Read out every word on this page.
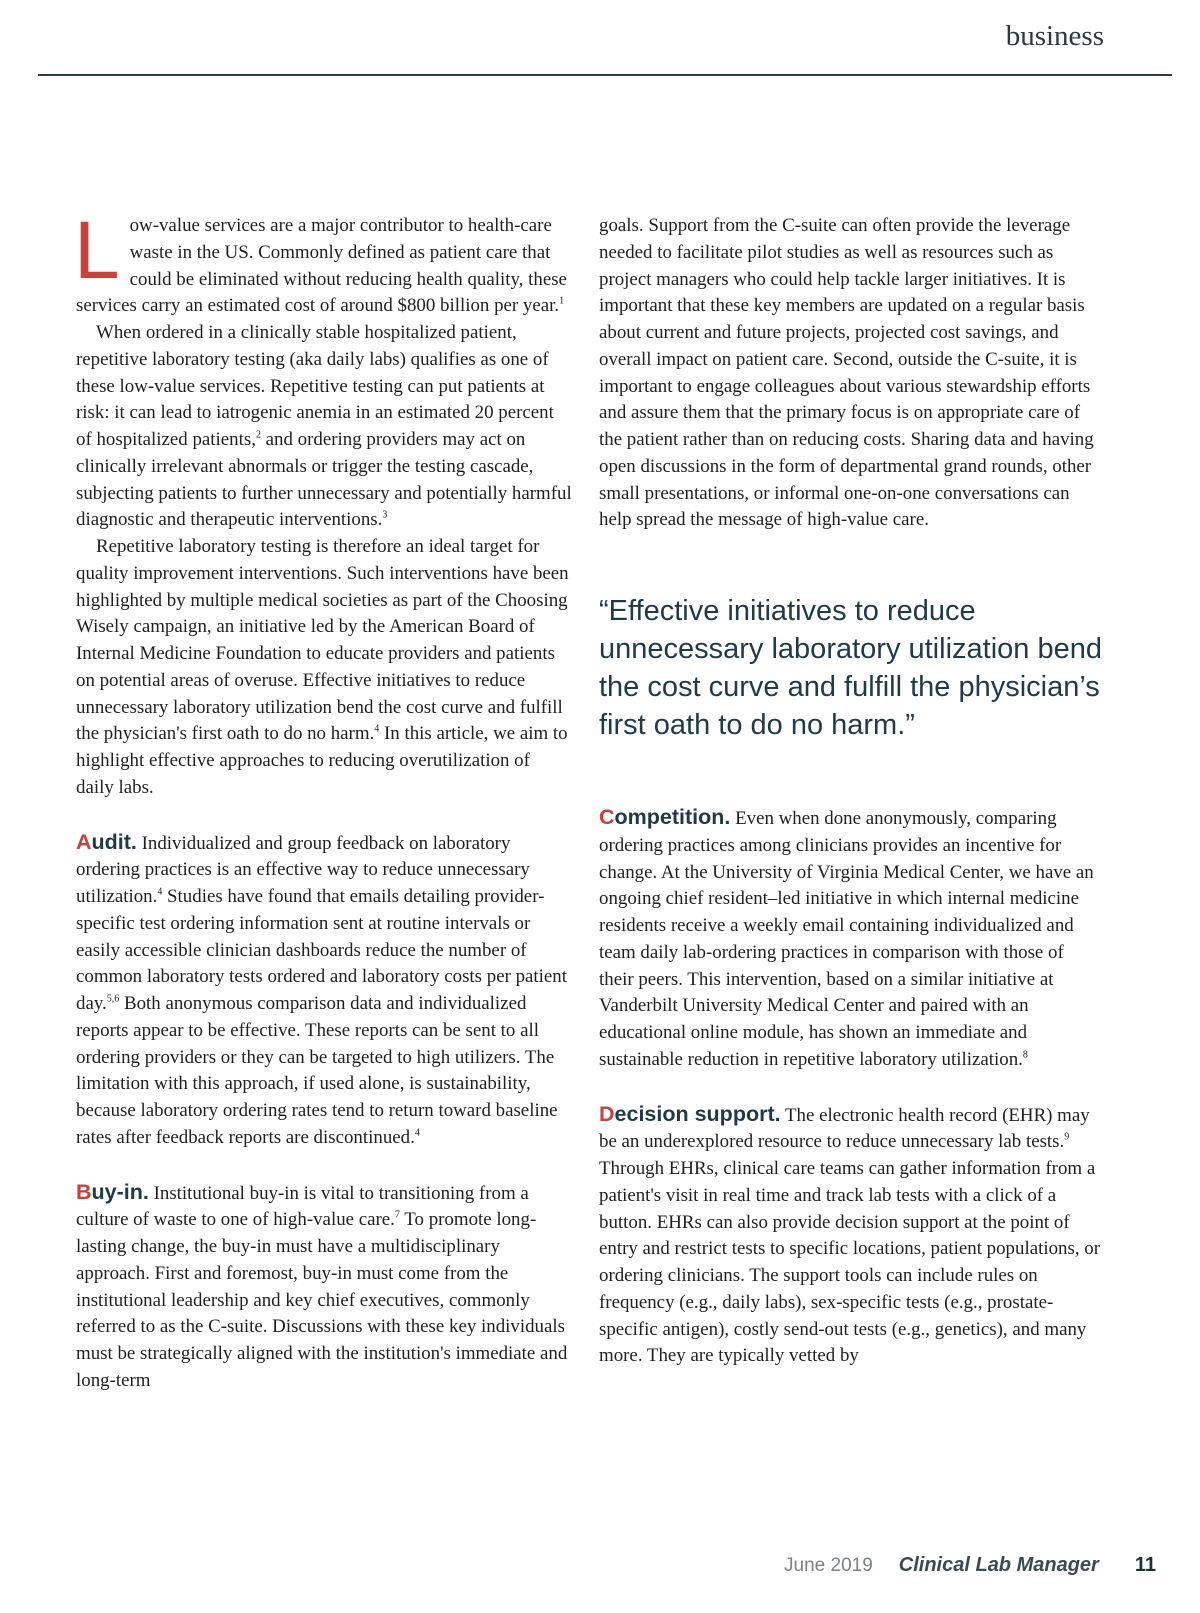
business

Low-value services are a major contributor to health-care waste in the US. Commonly defined as patient care that could be eliminated without reducing health quality, these services carry an estimated cost of around $800 billion per year.$^1$

When ordered in a clinically stable hospitalized patient, repetitive laboratory testing (aka daily labs) qualifies as one of these low-value services. Repetitive testing can put patients at risk: it can lead to iatrogenic anemia in an estimated 20 percent of hospitalized patients,$^2$ and ordering providers may act on clinically irrelevant abnormals or trigger the testing cascade, subjecting patients to further unnecessary and potentially harmful diagnostic and therapeutic interventions.$^3$

Repetitive laboratory testing is therefore an ideal target for quality improvement interventions. Such interventions have been highlighted by multiple medical societies as part of the Choosing Wisely campaign, an initiative led by the American Board of Internal Medicine Foundation to educate providers and patients on potential areas of overuse. Effective initiatives to reduce unnecessary laboratory utilization bend the cost curve and fulfill the physician's first oath to do no harm.$^4$ In this article, we aim to highlight effective approaches to reducing overutilization of daily labs.

Audit. Individualized and group feedback on laboratory ordering practices is an effective way to reduce unnecessary utilization.$^4$ Studies have found that emails detailing provider-specific test ordering information sent at routine intervals or easily accessible clinician dashboards reduce the number of common laboratory tests ordered and laboratory costs per patient day.$^{5,6}$ Both anonymous comparison data and individualized reports appear to be effective. These reports can be sent to all ordering providers or they can be targeted to high utilizers. The limitation with this approach, if used alone, is sustainability, because laboratory ordering rates tend to return toward baseline rates after feedback reports are discontinued.$^4$

Buy-in. Institutional buy-in is vital to transitioning from a culture of waste to one of high-value care.$^7$ To promote long-lasting change, the buy-in must have a multidisciplinary approach. First and foremost, buy-in must come from the institutional leadership and key chief executives, commonly referred to as the C-suite. Discussions with these key individuals must be strategically aligned with the institution's immediate and long-term

goals. Support from the C-suite can often provide the leverage needed to facilitate pilot studies as well as resources such as project managers who could help tackle larger initiatives. It is important that these key members are updated on a regular basis about current and future projects, projected cost savings, and overall impact on patient care. Second, outside the C-suite, it is important to engage colleagues about various stewardship efforts and assure them that the primary focus is on appropriate care of the patient rather than on reducing costs. Sharing data and having open discussions in the form of departmental grand rounds, other small presentations, or informal one-on-one conversations can help spread the message of high-value care.

“Effective initiatives to reduce unnecessary laboratory utilization bend the cost curve and fulfill the physician’s first oath to do no harm.”

Competition. Even when done anonymously, comparing ordering practices among clinicians provides an incentive for change. At the University of Virginia Medical Center, we have an ongoing chief resident–led initiative in which internal medicine residents receive a weekly email containing individualized and team daily lab-ordering practices in comparison with those of their peers. This intervention, based on a similar initiative at Vanderbilt University Medical Center and paired with an educational online module, has shown an immediate and sustainable reduction in repetitive laboratory utilization.$^8$

Decision support. The electronic health record (EHR) may be an underexplored resource to reduce unnecessary lab tests.$^9$ Through EHRs, clinical care teams can gather information from a patient's visit in real time and track lab tests with a click of a button. EHRs can also provide decision support at the point of entry and restrict tests to specific locations, patient populations, or ordering clinicians. The support tools can include rules on frequency (e.g., daily labs), sex-specific tests (e.g., prostate-specific antigen), costly send-out tests (e.g., genetics), and many more. They are typically vetted by

June 2019 Clinical Lab Manager 11
